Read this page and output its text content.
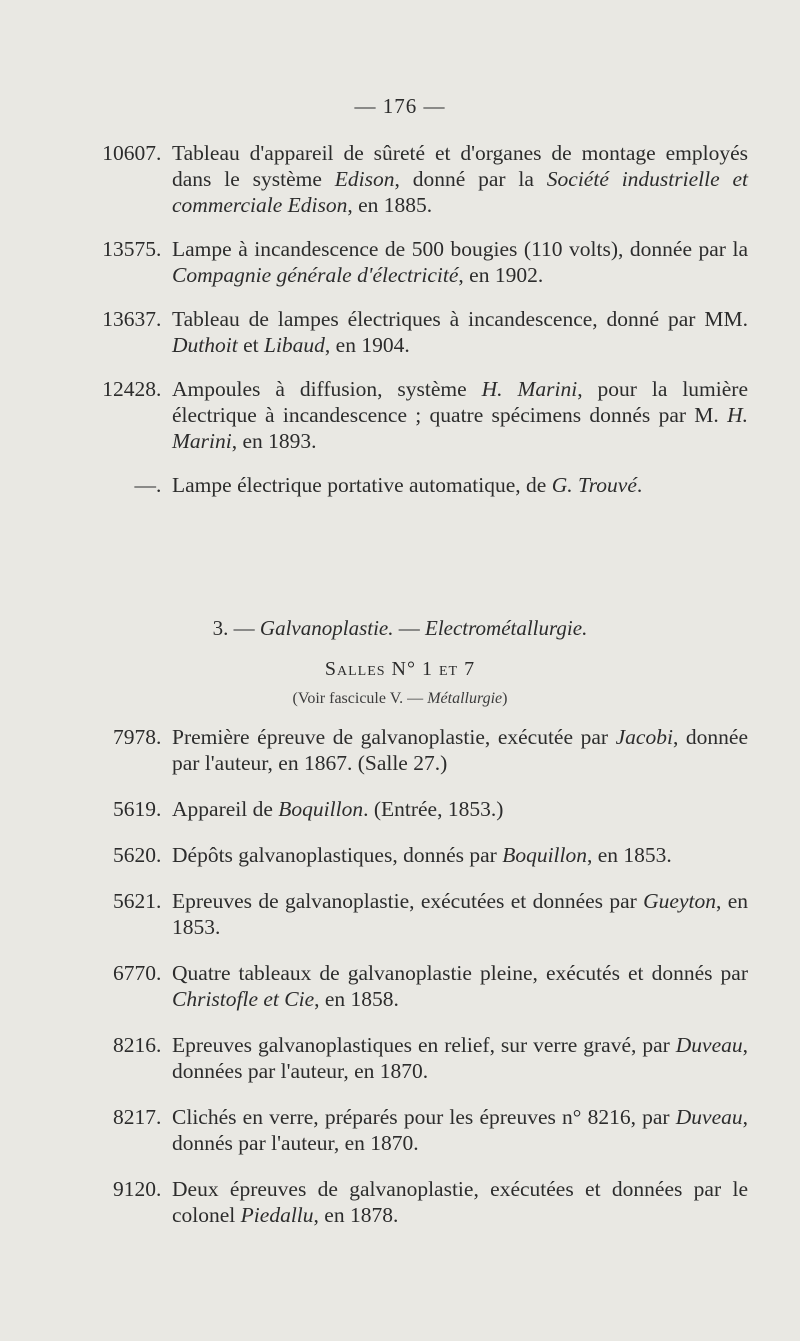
— 176 —
10607 . Tableau d'appareil de sûreté et d'organes de montage employés dans le système Edison, donné par la Société industrielle et commerciale Edison, en 1885.
13575 . Lampe à incandescence de 500 bougies (110 volts), donnée par la Compagnie générale d'électricité, en 1902.
13637 . Tableau de lampes électriques à incandescence, donné par MM. Duthoit et Libaud, en 1904.
12428 . Ampoules à diffusion, système H. Marini, pour la lumière électrique à incandescence ; quatre spécimens donnés par M. H. Marini, en 1893.
— . Lampe électrique portative automatique, de G. Trouvé.
3. — Galvanoplastie. — Electrométallurgie.
Salles N° 1 et 7
(Voir fascicule V. — Métallurgie)
7978 . Première épreuve de galvanoplastie, exécutée par Jacobi, donnée par l'auteur, en 1867. (Salle 27.)
5619 . Appareil de Boquillon. (Entrée, 1853.)
5620 . Dépôts galvanoplastiques, donnés par Boquillon, en 1853.
5621 . Epreuves de galvanoplastie, exécutées et données par Gueyton, en 1853.
6770 . Quatre tableaux de galvanoplastie pleine, exécutés et donnés par Christofle et Cie, en 1858.
8216 . Epreuves galvanoplastiques en relief, sur verre gravé, par Duveau, données par l'auteur, en 1870.
8217 . Clichés en verre, préparés pour les épreuves n° 8216, par Duveau, donnés par l'auteur, en 1870.
9120 . Deux épreuves de galvanoplastie, exécutées et données par le colonel Piedallu, en 1878.
